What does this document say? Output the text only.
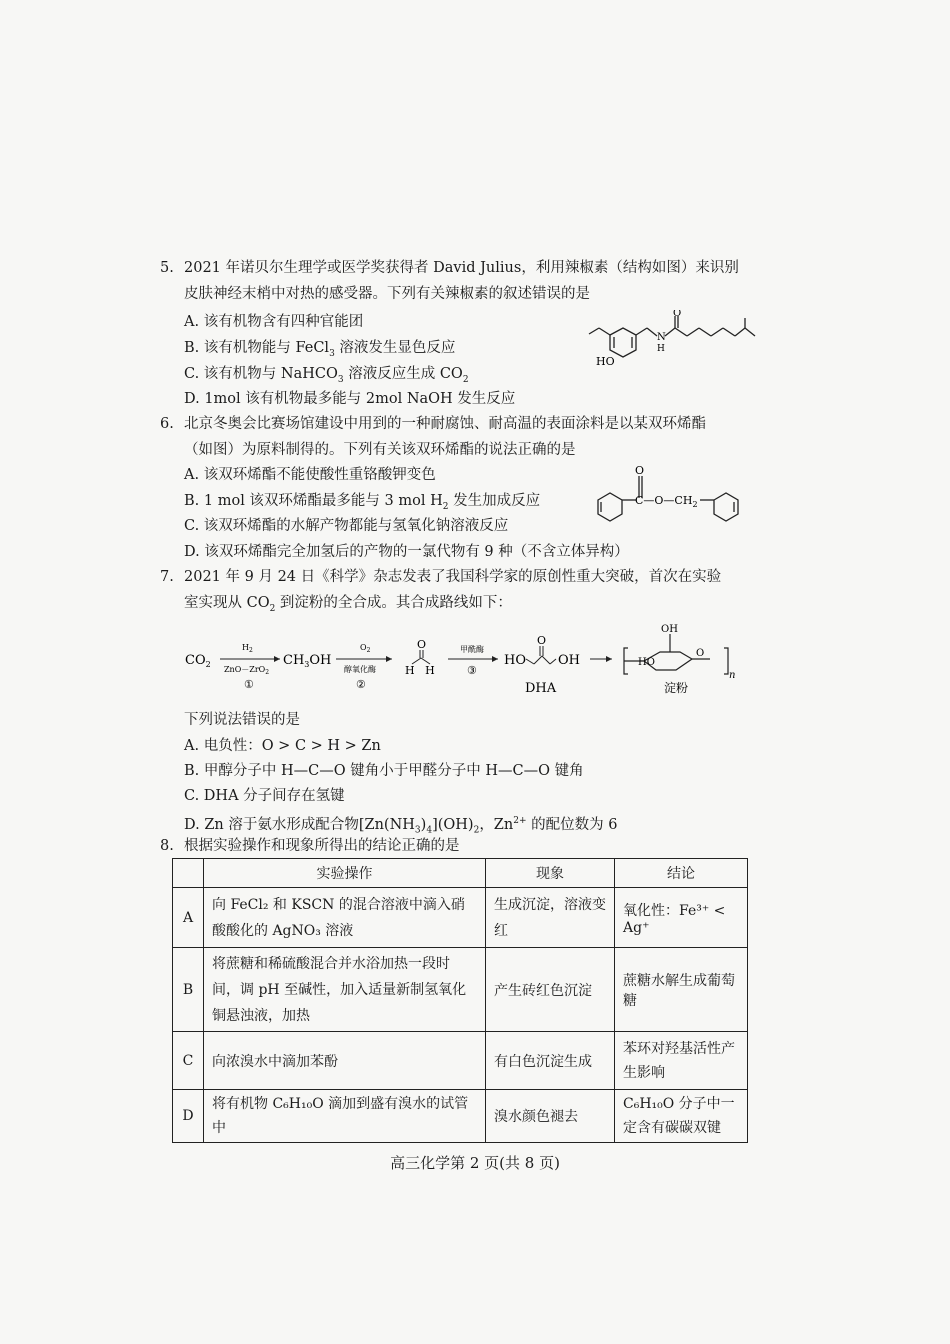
5. 2021 年诺贝尔生理学或医学奖获得者 David Julius，利用辣椒素（结构如图）来识别
皮肤神经末梢中对热的感受器。下列有关辣椒素的叙述错误的是
A. 该有机物含有四种官能团
B. 该有机物能与 FeCl$_3$ 溶液发生显色反应
C. 该有机物与 NaHCO$_3$ 溶液反应生成 $CO_2$
D. 1mol 该有机物最多能与 2mol NaOH 发生反应
HO
O
N
H
6. 北京冬奥会比赛场馆建设中用到的一种耐腐蚀、耐高温的表面涂料是以某双环烯酯
（如图）为原料制得的。下列有关该双环烯酯的说法正确的是
A. 该双环烯酯不能使酸性重铬酸钾变色
B. 1 mol 该双环烯酯最多能与 3 mol $H_2$ 发生加成反应
C. 该双环烯酯的水解产物都能与氢氧化钠溶液反应
D. 该双环烯酯完全加氢后的产物的一氯代物有 9 种（不含立体异构）
O
$C—O—CH_2$
7. 2021 年 9 月 24 日《科学》杂志发表了我国科学家的原创性重大突破，首次在实验
室实现从 $CO_2$ 到淀粉的全合成。其合成路线如下：
$CO_2$
$H_2$
ZnO－ZrO$_2$
①
$CH_3OH$
$O_2$
醇氧化酶
②
O
H   H
甲酰酶
③
HO
O
OH
DHA
OH
HO
O
n
淀粉
下列说法错误的是
A. 电负性：O > C > H > Zn
B. 甲醇分子中 H—C—O 键角小于甲醛分子中 H—C—O 键角
C. DHA 分子间存在氢键
D. Zn 溶于氨水形成配合物$[Zn(NH_3)_4](OH)_2$，$Zn^{2+}$ 的配位数为 6
8. 根据实验操作和现象所得出的结论正确的是
	实验操作	现象	结论
A	向 FeCl₂ 和 KSCN 的混合溶液中滴入硝酸酸化的 AgNO₃ 溶液	生成沉淀，溶液变红	氧化性：Fe³⁺ < Ag⁺
B	将蔗糖和稀硫酸混合并水浴加热一段时间，调 pH 至碱性，加入适量新制氢氧化铜悬浊液，加热	产生砖红色沉淀	蔗糖水解生成葡萄糖
C	向浓溴水中滴加苯酚	有白色沉淀生成	苯环对羟基活性产生影响
D	将有机物 C₆H₁₀O 滴加到盛有溴水的试管中	溴水颜色褪去	C₆H₁₀O 分子中一定含有碳碳双键
高三化学第 2 页(共 8 页)
